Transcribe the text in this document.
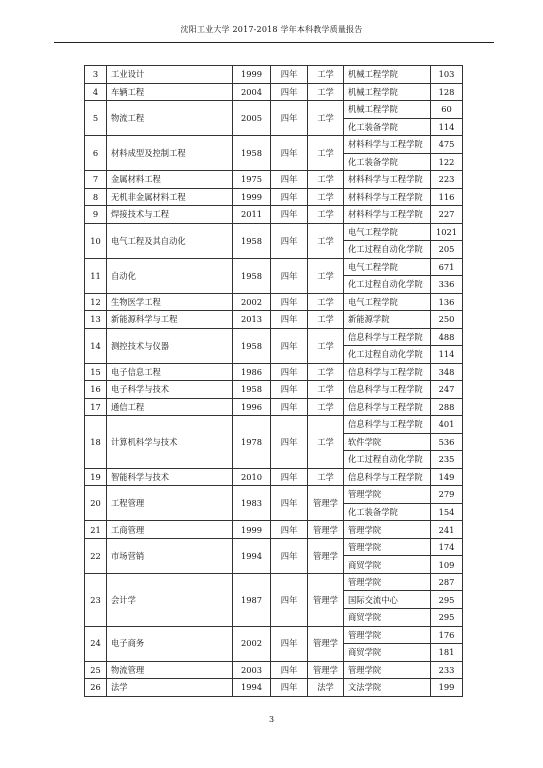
沈阳工业大学 2017-2018 学年本科教学质量报告
3	工业设计	1999	四年	工学	机械工程学院	103
4	车辆工程	2004	四年	工学	机械工程学院	128
5	物流工程	2005	四年	工学	机械工程学院	60
					化工装备学院	114
6	材料成型及控制工程	1958	四年	工学	材料科学与工程学院	475
					化工装备学院	122
7	金属材料工程	1975	四年	工学	材料科学与工程学院	223
8	无机非金属材料工程	1999	四年	工学	材料科学与工程学院	116
9	焊接技术与工程	2011	四年	工学	材料科学与工程学院	227
10	电气工程及其自动化	1958	四年	工学	电气工程学院	1021
					化工过程自动化学院	205
11	自动化	1958	四年	工学	电气工程学院	671
					化工过程自动化学院	336
12	生物医学工程	2002	四年	工学	电气工程学院	136
13	新能源科学与工程	2013	四年	工学	新能源学院	250
14	测控技术与仪器	1958	四年	工学	信息科学与工程学院	488
					化工过程自动化学院	114
15	电子信息工程	1986	四年	工学	信息科学与工程学院	348
16	电子科学与技术	1958	四年	工学	信息科学与工程学院	247
17	通信工程	1996	四年	工学	信息科学与工程学院	288
18	计算机科学与技术	1978	四年	工学	信息科学与工程学院	401
					软件学院	536
					化工过程自动化学院	235
19	智能科学与技术	2010	四年	工学	信息科学与工程学院	149
20	工程管理	1983	四年	管理学	管理学院	279
					化工装备学院	154
21	工商管理	1999	四年	管理学	管理学院	241
22	市场营销	1994	四年	管理学	管理学院	174
					商贸学院	109
23	会计学	1987	四年	管理学	管理学院	287
					国际交流中心	295
					商贸学院	295
24	电子商务	2002	四年	管理学	管理学院	176
					商贸学院	181
25	物流管理	2003	四年	管理学	管理学院	233
26	法学	1994	四年	法学	文法学院	199
3
